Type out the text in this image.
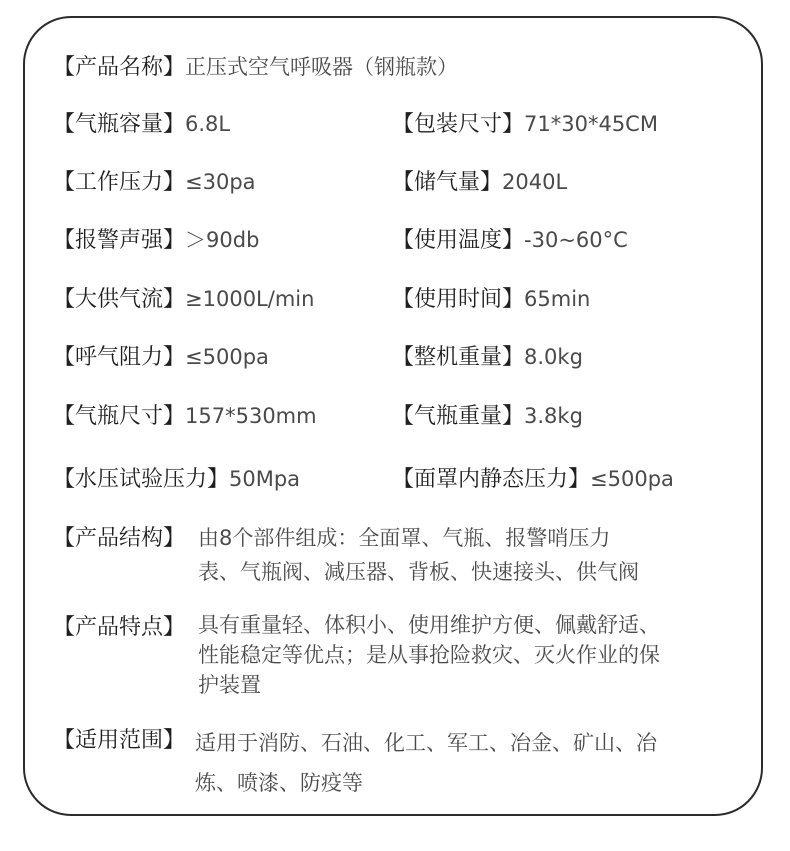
【产品名称】正压式空气呼吸器（钢瓶款）
【气瓶容量】6.8L
【工作压力】≤30pa
【报警声强】＞90db
【大供气流】≥1000L/min
【呼气阻力】≤500pa
【气瓶尺寸】157*530mm
【水压试验压力】50Mpa
【包装尺寸】71*30*45CM
【储气量】2040L
【使用温度】-30~60°C
【使用时间】65min
【整机重量】8.0kg
【气瓶重量】3.8kg
【面罩内静态压力】≤500pa
【产品结构】 由8个部件组成：全面罩、气瓶、报警哨压力
表、气瓶阀、减压器、背板、快速接头、供气阀
【产品特点】 具有重量轻、体积小、使用维护方便、佩戴舒适、
性能稳定等优点；是从事抢险救灾、灭火作业的保
护装置
【适用范围】 适用于消防、石油、化工、军工、冶金、矿山、冶
炼、喷漆、防疫等
